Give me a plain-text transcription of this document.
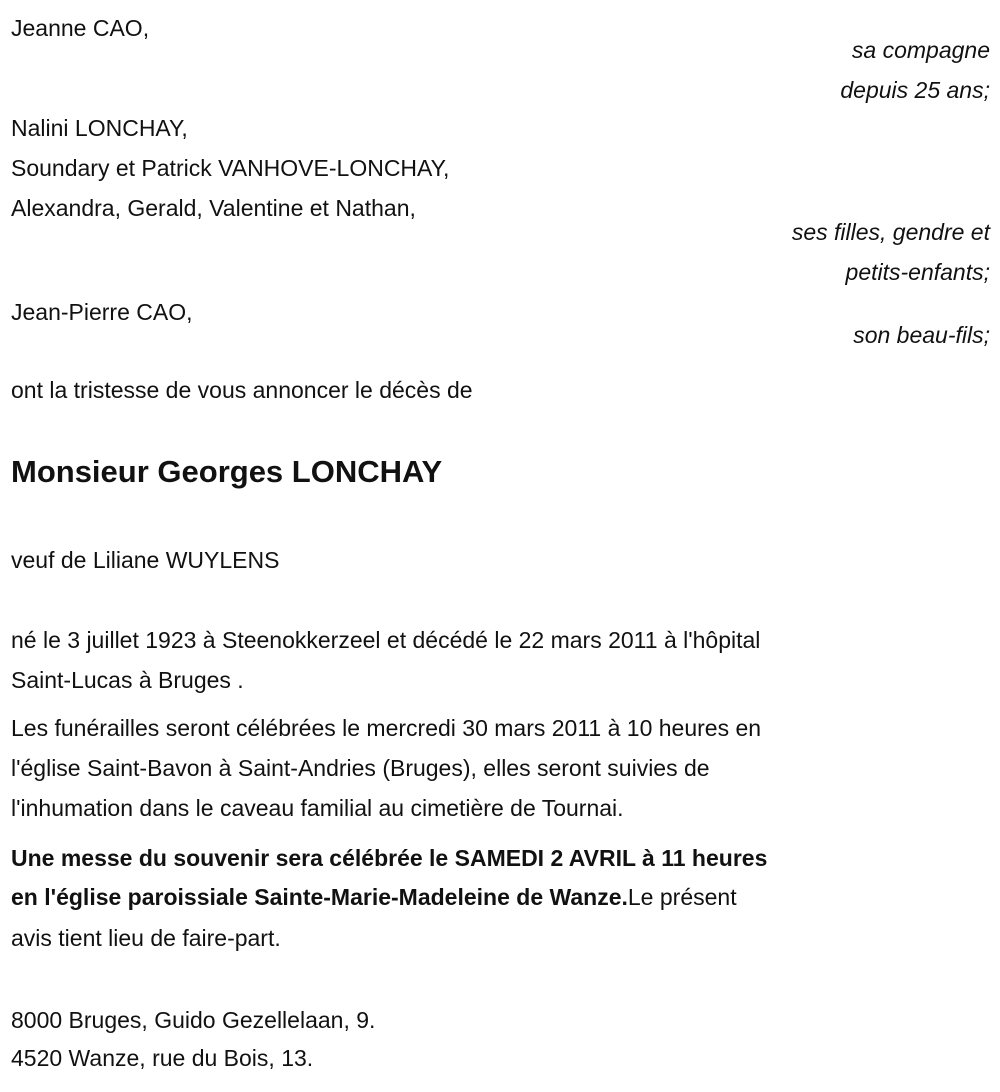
Jeanne CAO,
sa compagne
depuis 25 ans;
Nalini LONCHAY,
Soundary et Patrick VANHOVE-LONCHAY,
Alexandra, Gerald, Valentine et Nathan,
ses filles, gendre et
petits-enfants;
Jean-Pierre CAO,
son beau-fils;
ont la tristesse de vous annoncer le décès de
Monsieur Georges LONCHAY
veuf de Liliane WUYLENS
né le 3 juillet 1923 à Steenokkerzeel et décédé le 22 mars 2011 à l'hôpital
Saint-Lucas à Bruges .
Les funérailles seront célébrées le mercredi 30 mars 2011 à 10 heures en
l'église Saint-Bavon à Saint-Andries (Bruges), elles seront suivies de
l'inhumation dans le caveau familial au cimetière de Tournai.
Une messe du souvenir sera célébrée le SAMEDI 2 AVRIL à 11 heures
en l'église paroissiale Sainte-Marie-Madeleine de Wanze.Le présent
avis tient lieu de faire-part.
8000 Bruges, Guido Gezellelaan, 9.
4520 Wanze, rue du Bois, 13.
